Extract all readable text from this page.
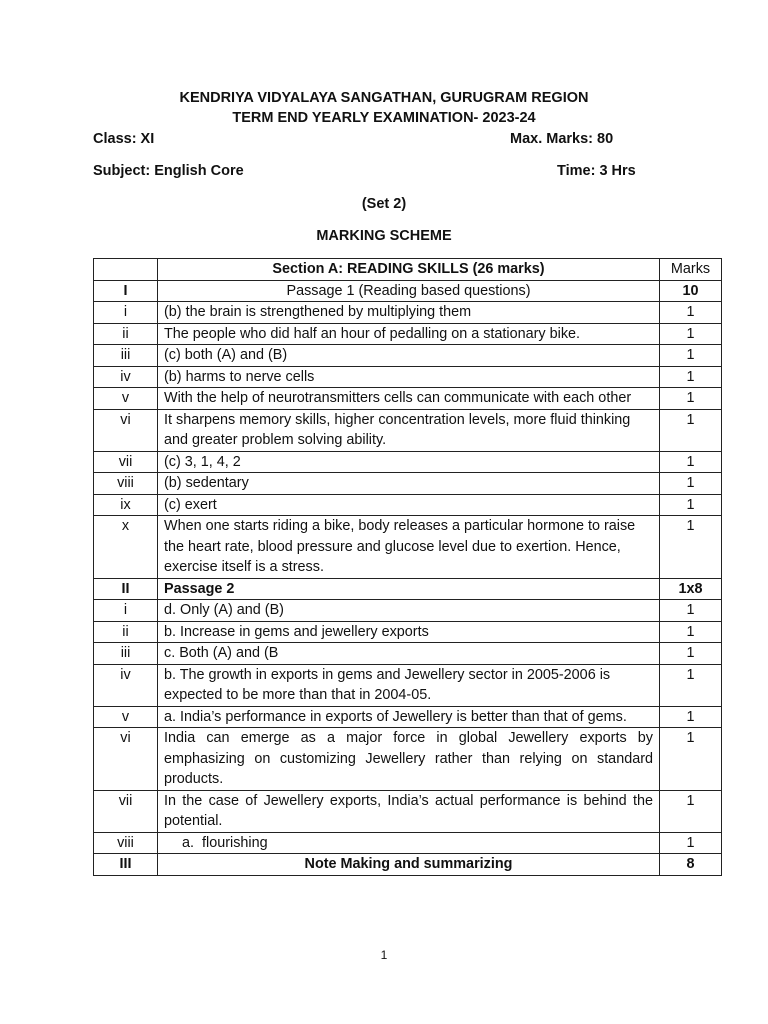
KENDRIYA VIDYALAYA SANGATHAN, GURUGRAM REGION
TERM END YEARLY EXAMINATION- 2023-24
Class: XI	Max. Marks: 80
Subject: English Core	Time: 3 Hrs
(Set 2)
MARKING SCHEME
	Section A: READING SKILLS (26 marks)	Marks
I	Passage 1 (Reading based questions)	10
i	(b) the brain is strengthened by multiplying them	1
ii	The people who did half an hour of pedalling on a stationary bike.	1
iii	(c) both (A) and (B)	1
iv	(b) harms to nerve cells	1
v	With the help of neurotransmitters cells can communicate with each other	1
vi	It sharpens memory skills, higher concentration levels, more fluid thinking and greater problem solving ability.	1
vii	(c) 3, 1, 4, 2	1
viii	(b) sedentary	1
ix	(c) exert	1
x	When one starts riding a bike, body releases a particular hormone to raise the heart rate, blood pressure and glucose level due to exertion. Hence, exercise itself is a stress.	1
II	Passage 2	1x8
i	d. Only (A) and (B)	1
ii	b. Increase in gems and jewellery exports	1
iii	c. Both (A) and (B	1
iv	b. The growth in exports in gems and Jewellery sector in 2005-2006 is expected to be more than that in 2004-05.	1
v	a. India’s performance in exports of Jewellery is better than that of gems.	1
vi	India can emerge as a major force in global Jewellery exports by emphasizing on customizing Jewellery rather than relying on standard products.	1
vii	In the case of Jewellery exports, India’s actual performance is behind the potential.	1
viii	a.  flourishing	1
III	Note Making and summarizing	8
1
